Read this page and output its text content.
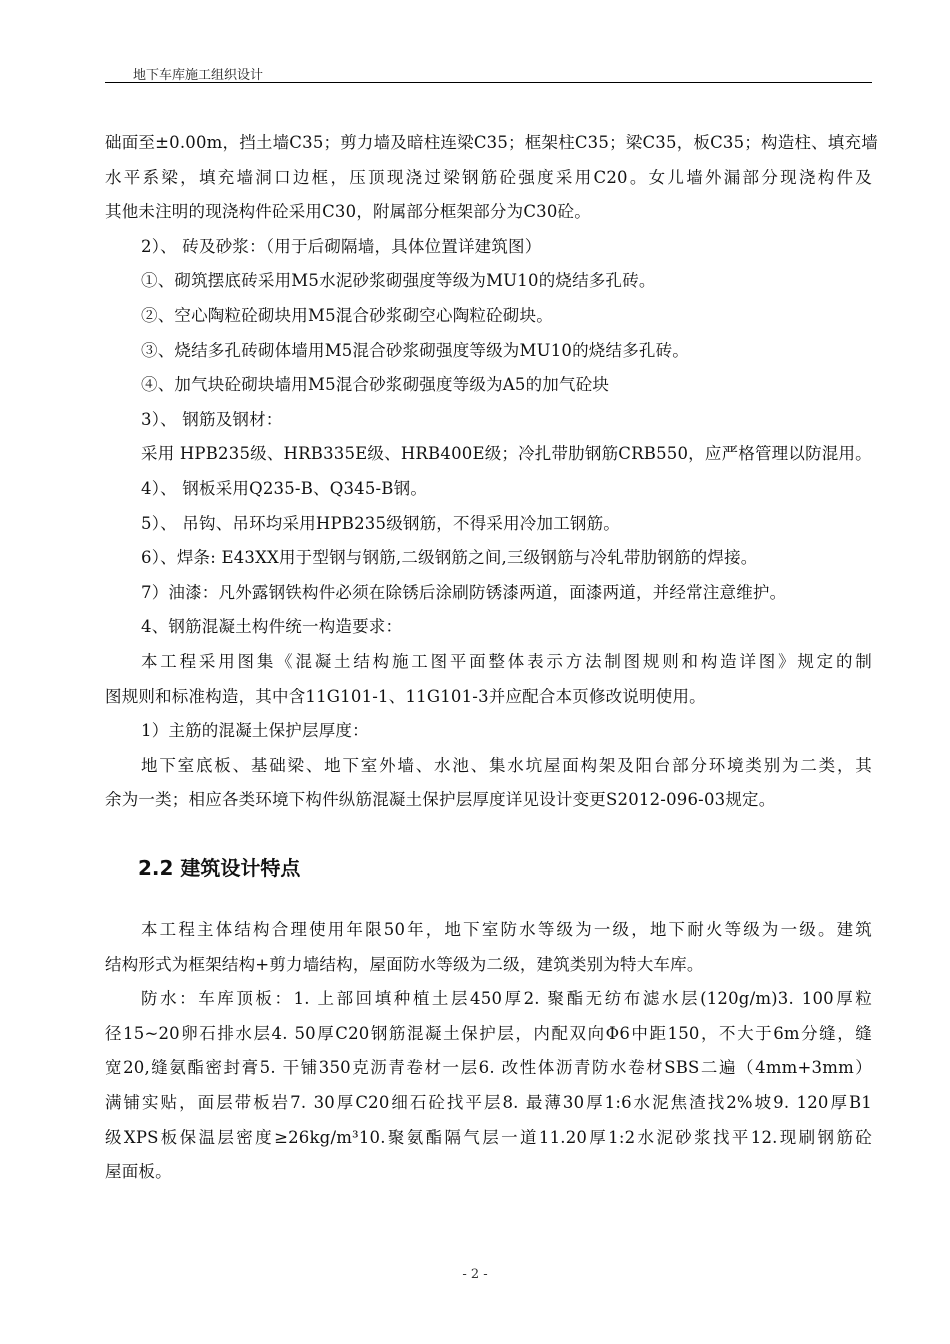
地下车库施工组织设计

础面至±0.00m，挡土墙C35；剪力墙及暗柱连梁C35；框架柱C35；梁C35，板C35；构造柱、填充墙

水平系梁，填充墙洞口边框，压顶现浇过梁钢筋砼强度采用C20。女儿墙外漏部分现浇构件及

其他未注明的现浇构件砼采用C30，附属部分框架部分为C30砼。

2）、 砖及砂浆：（用于后砌隔墙，具体位置详建筑图）

①、砌筑摆底砖采用M5水泥砂浆砌强度等级为MU10的烧结多孔砖。

②、空心陶粒砼砌块用M5混合砂浆砌空心陶粒砼砌块。

③、烧结多孔砖砌体墙用M5混合砂浆砌强度等级为MU10的烧结多孔砖。

④、加气块砼砌块墙用M5混合砂浆砌强度等级为A5的加气砼块

3）、 钢筋及钢材：

采用 HPB235级、HRB335E级、HRB400E级；冷扎带肋钢筋CRB550，应严格管理以防混用。

4）、 钢板采用Q235-B、Q345-B钢。

5）、 吊钩、吊环均采用HPB235级钢筋，不得采用冷加工钢筋。

6）、焊条: E43XX用于型钢与钢筋,二级钢筋之间,三级钢筋与冷轧带肋钢筋的焊接。

7）油漆：凡外露钢铁构件必须在除锈后涂刷防锈漆两道，面漆两道，并经常注意维护。

4、钢筋混凝土构件统一构造要求：

本工程采用图集《混凝土结构施工图平面整体表示方法制图规则和构造详图》规定的制

图规则和标准构造，其中含11G101-1、11G101-3并应配合本页修改说明使用。

1）主筋的混凝土保护层厚度：

地下室底板、基础梁、地下室外墙、水池、集水坑屋面构架及阳台部分环境类别为二类，其

余为一类；相应各类环境下构件纵筋混凝土保护层厚度详见设计变更S2012-096-03规定。

2.2 建筑设计特点

本工程主体结构合理使用年限50年，地下室防水等级为一级，地下耐火等级为一级。建筑

结构形式为框架结构+剪力墙结构，屋面防水等级为二级，建筑类别为特大车库。

防水：车库顶板：1. 上部回填种植土层450厚2. 聚酯无纺布滤水层(120g/m)3. 100厚粒

径15~20卵石排水层4. 50厚C20钢筋混凝土保护层，内配双向Φ6中距150，不大于6m分缝，缝

宽20,缝氨酯密封膏5. 干铺350克沥青卷材一层6. 改性体沥青防水卷材SBS二遍（4mm+3mm）

满铺实贴，面层带板岩7. 30厚C20细石砼找平层8. 最薄30厚1:6水泥焦渣找2%坡9. 120厚B1

级XPS板保温层密度≥26kg/m³10.聚氨酯隔气层一道11.20厚1:2水泥砂浆找平12.现刷钢筋砼

屋面板。

- 2 -
